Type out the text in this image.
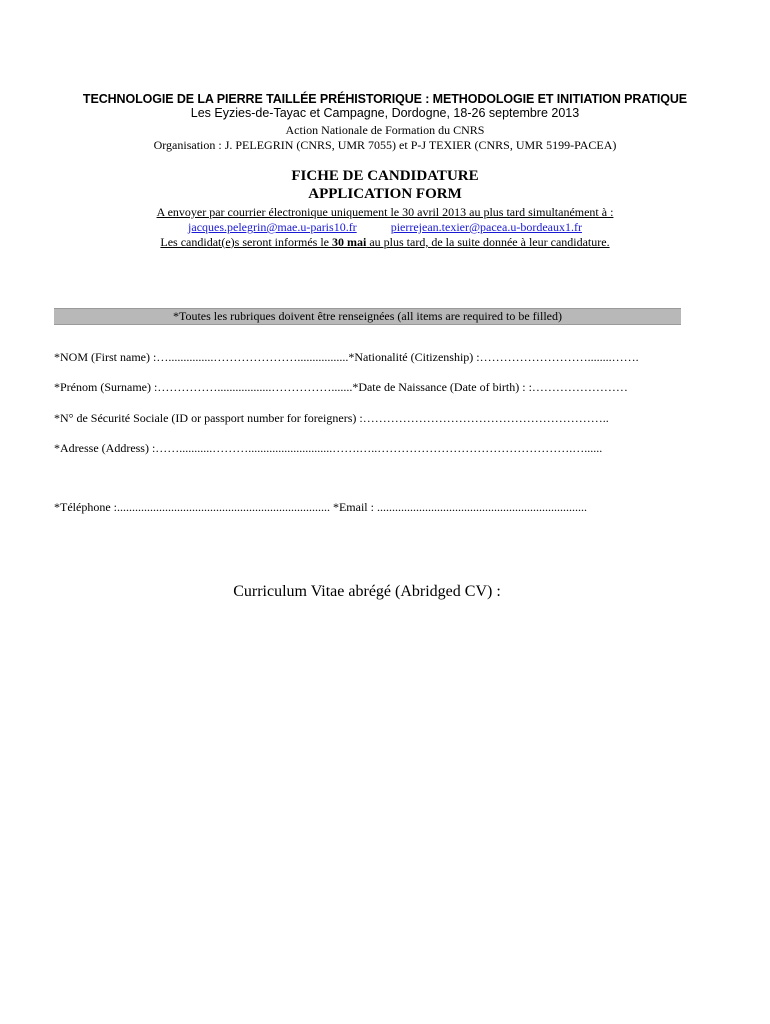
TECHNOLOGIE DE LA PIERRE TAILLÉE PRÉHISTORIQUE : METHODOLOGIE ET INITIATION PRATIQUE
Les Eyzies-de-Tayac et Campagne, Dordogne, 18-26 septembre 2013
Action Nationale de Formation du CNRS
Organisation : J. PELEGRIN (CNRS, UMR 7055) et P-J TEXIER (CNRS, UMR 5199-PACEA)
FICHE DE CANDIDATURE
APPLICATION FORM
A envoyer par courrier électronique uniquement le 30 avril 2013 au plus tard simultanément à :
jacques.pelegrin@mae.u-paris10.fr	pierrejean.texier@pacea.u-bordeaux1.fr
Les candidat(e)s seront informés le 30 mai au plus tard, de la suite donnée à leur candidature.
*Toutes les rubriques doivent être renseignées (all items are required to be filled)
*NOM (First name) :…...............………………….................*Nationalité (Citizenship) :………………………........…….
*Prénom (Surname) :……………..................…………….......*Date de Naissance (Date of birth) : :……………………
*N° de Sécurité Sociale (ID or passport number for foreigners) :……………………………………………………..
*Adresse (Address) :……...........………............................…….…..………………………………………….…......
*Téléphone :....................................................................... *Email : ......................................................................
Curriculum Vitae abrégé (Abridged CV) :
